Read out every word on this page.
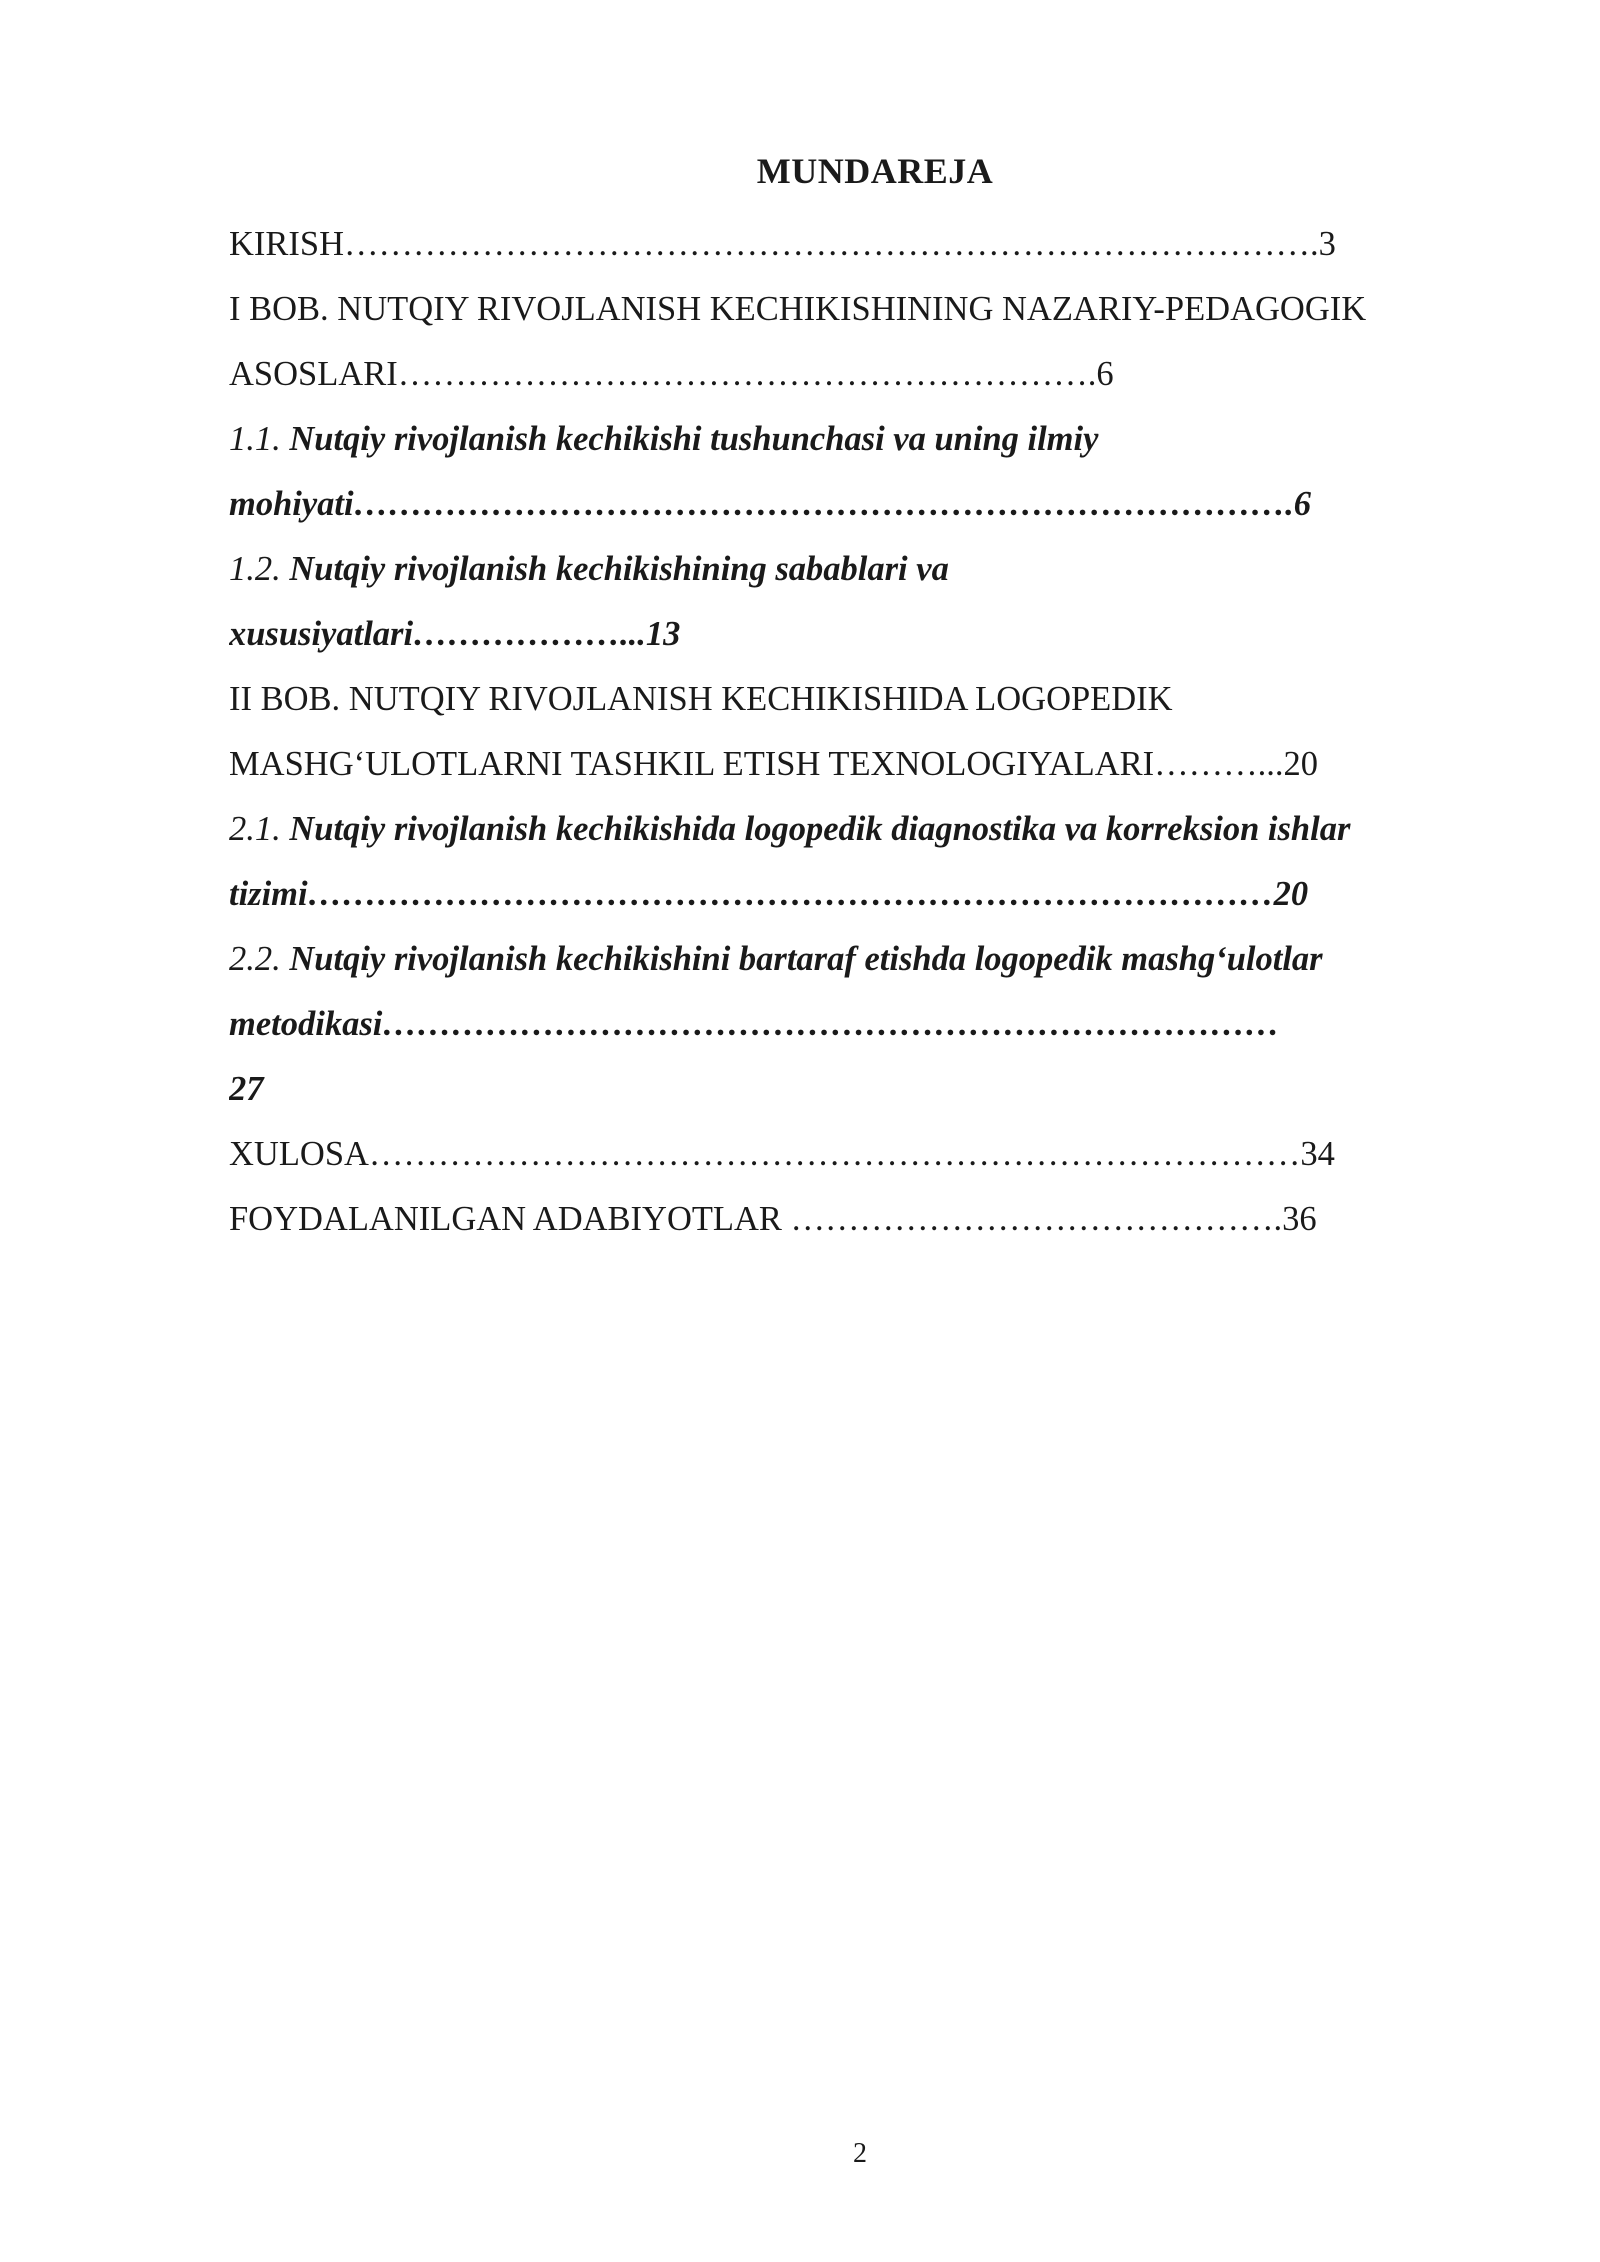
MUNDAREJA
KIRISH………………………………………………………………………….3
I BOB. NUTQIY RIVOJLANISH KECHIKISHINING NAZARIY-PEDAGOGIK
ASOSLARI…………………………………………………….6
1.1. Nutqiy rivojlanish kechikishi tushunchasi va uning ilmiy
mohiyati……………………………………………………………………….6
1.2. Nutqiy rivojlanish kechikishining sabablari va
xususiyatlari………………...13
II BOB. NUTQIY RIVOJLANISH KECHIKISHIDA LOGOPEDIK
MASHG‘ULOTLARNI TASHKIL ETISH TEXNOLOGIYALARI………...20
2.1. Nutqiy rivojlanish kechikishida logopedik diagnostika va korreksion ishlar
tizimi…………………………………………………………………………20
2.2. Nutqiy rivojlanish kechikishini bartaraf etishda logopedik mashg‘ulotlar
metodikasi……………………………………………………………………
27
XULOSA………………………………………………………………………34
FOYDALANILGAN ADABIYOTLAR …………………………………….36
2
